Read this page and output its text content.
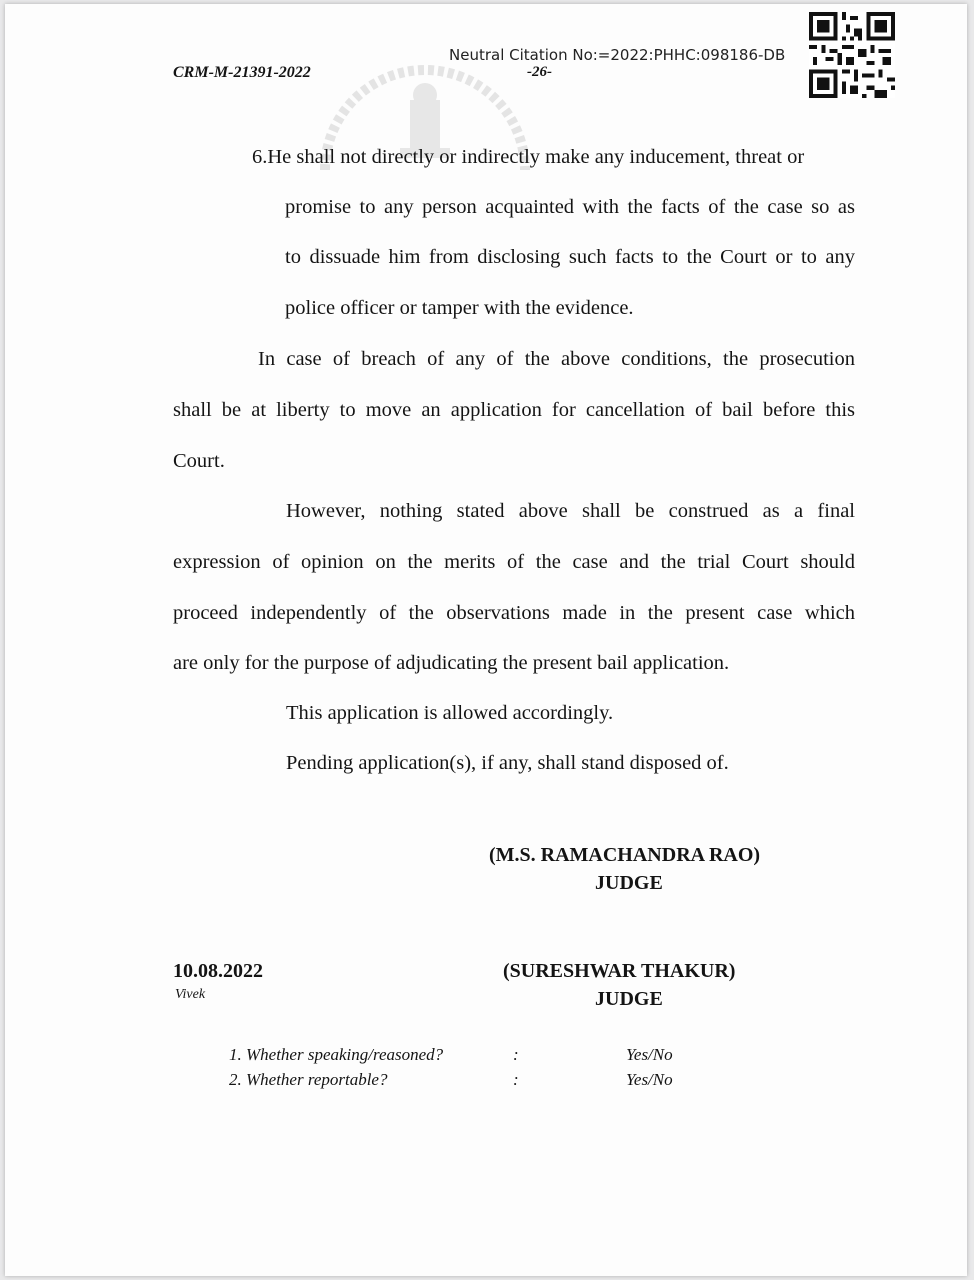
Neutral Citation No:=2022:PHHC:098186-DB
CRM-M-21391-2022	-26-
6.He shall not directly or indirectly make any inducement, threat or
promise to any person acquainted with the facts of the case so as
to dissuade him from disclosing such facts to the Court or to any
police officer or tamper with the evidence.
In case of breach of any of the above conditions, the prosecution
shall be at liberty to move an application for cancellation of bail before this
Court.
However, nothing stated above shall be construed as a final
expression of opinion on the merits of the case and the trial Court should
proceed independently of the observations made in the present case which
are only for the purpose of adjudicating the present bail application.
This application is allowed accordingly.
Pending application(s), if any, shall stand disposed of.
(M.S. RAMACHANDRA RAO)
JUDGE
10.08.2022
Vivek
(SURESHWAR THAKUR)
JUDGE
1. Whether speaking/reasoned?	:	Yes/No
2. Whether reportable?	:	Yes/No
